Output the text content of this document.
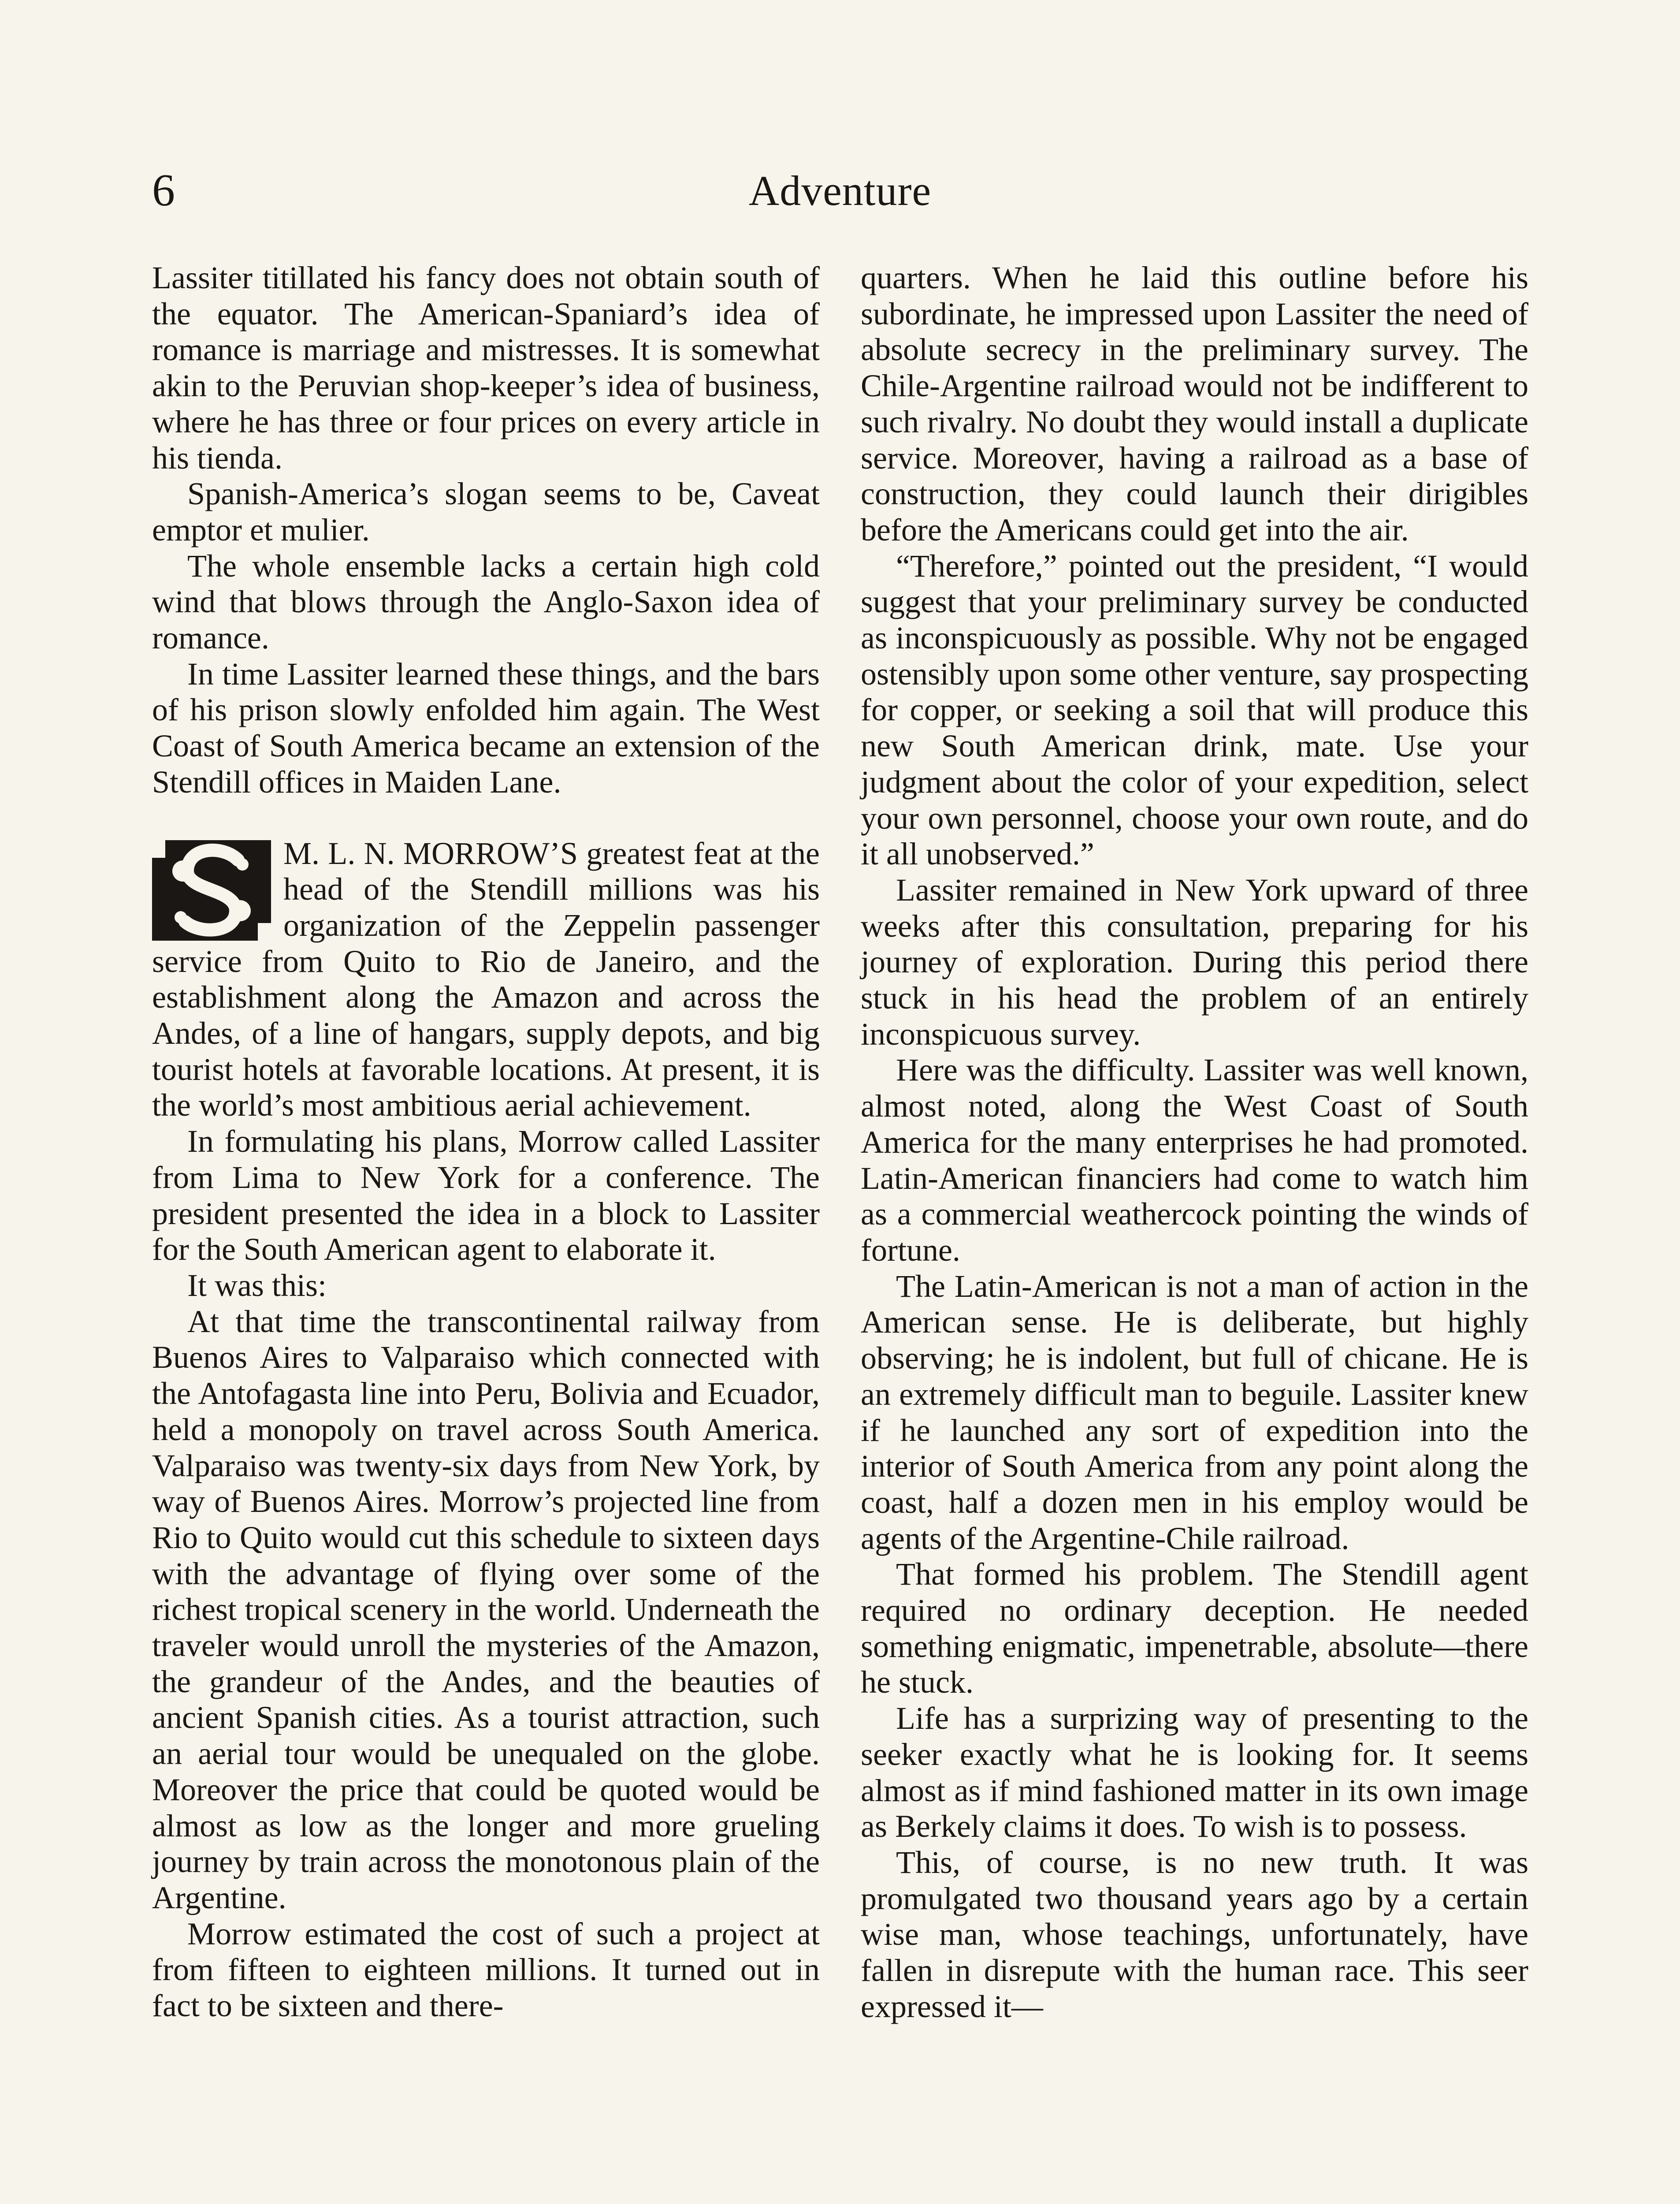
6	Adventure

Lassiter titillated his fancy does not obtain south of the equator. The American-Spaniard’s idea of romance is marriage and mistresses. It is somewhat akin to the Peruvian shop-keeper’s idea of business, where he has three or four prices on every article in his tienda.

Spanish-America’s slogan seems to be, Caveat emptor et mulier.

The whole ensemble lacks a certain high cold wind that blows through the Anglo-Saxon idea of romance.

In time Lassiter learned these things, and the bars of his prison slowly enfolded him again. The West Coast of South America became an extension of the Stendill offices in Maiden Lane.

M. L. N. MORROW’S greatest feat at the head of the Stendill millions was his organization of the Zeppelin passenger service from Quito to Rio de Janeiro, and the establishment along the Amazon and across the Andes, of a line of hangars, supply depots, and big tourist hotels at favorable locations. At present, it is the world’s most ambitious aerial achievement.

In formulating his plans, Morrow called Lassiter from Lima to New York for a conference. The president presented the idea in a block to Lassiter for the South American agent to elaborate it.

It was this:

At that time the transcontinental railway from Buenos Aires to Valparaiso which connected with the Antofagasta line into Peru, Bolivia and Ecuador, held a monopoly on travel across South America. Valparaiso was twenty-six days from New York, by way of Buenos Aires. Morrow’s projected line from Rio to Quito would cut this schedule to sixteen days with the advantage of flying over some of the richest tropical scenery in the world. Underneath the traveler would unroll the mysteries of the Amazon, the grandeur of the Andes, and the beauties of ancient Spanish cities. As a tourist attraction, such an aerial tour would be unequaled on the globe. Moreover the price that could be quoted would be almost as low as the longer and more grueling journey by train across the monotonous plain of the Argentine.

Morrow estimated the cost of such a project at from fifteen to eighteen millions. It turned out in fact to be sixteen and there-

quarters. When he laid this outline before his subordinate, he impressed upon Lassiter the need of absolute secrecy in the preliminary survey. The Chile-Argentine railroad would not be indifferent to such rivalry. No doubt they would install a duplicate service. Moreover, having a railroad as a base of construction, they could launch their dirigibles before the Americans could get into the air.

“Therefore,” pointed out the president, “I would suggest that your preliminary survey be conducted as inconspicuously as possible. Why not be engaged ostensibly upon some other venture, say prospecting for copper, or seeking a soil that will produce this new South American drink, mate. Use your judgment about the color of your expedition, select your own personnel, choose your own route, and do it all unobserved.”

Lassiter remained in New York upward of three weeks after this consultation, preparing for his journey of exploration. During this period there stuck in his head the problem of an entirely inconspicuous survey.

Here was the difficulty. Lassiter was well known, almost noted, along the West Coast of South America for the many enterprises he had promoted. Latin-American financiers had come to watch him as a commercial weathercock pointing the winds of fortune.

The Latin-American is not a man of action in the American sense. He is deliberate, but highly observing; he is indolent, but full of chicane. He is an extremely difficult man to beguile. Lassiter knew if he launched any sort of expedition into the interior of South America from any point along the coast, half a dozen men in his employ would be agents of the Argentine-Chile railroad.

That formed his problem. The Stendill agent required no ordinary deception. He needed something enigmatic, impenetrable, absolute—there he stuck.

Life has a surprizing way of presenting to the seeker exactly what he is looking for. It seems almost as if mind fashioned matter in its own image as Berkely claims it does. To wish is to possess.

This, of course, is no new truth. It was promulgated two thousand years ago by a certain wise man, whose teachings, unfortunately, have fallen in disrepute with the human race. This seer expressed it—
